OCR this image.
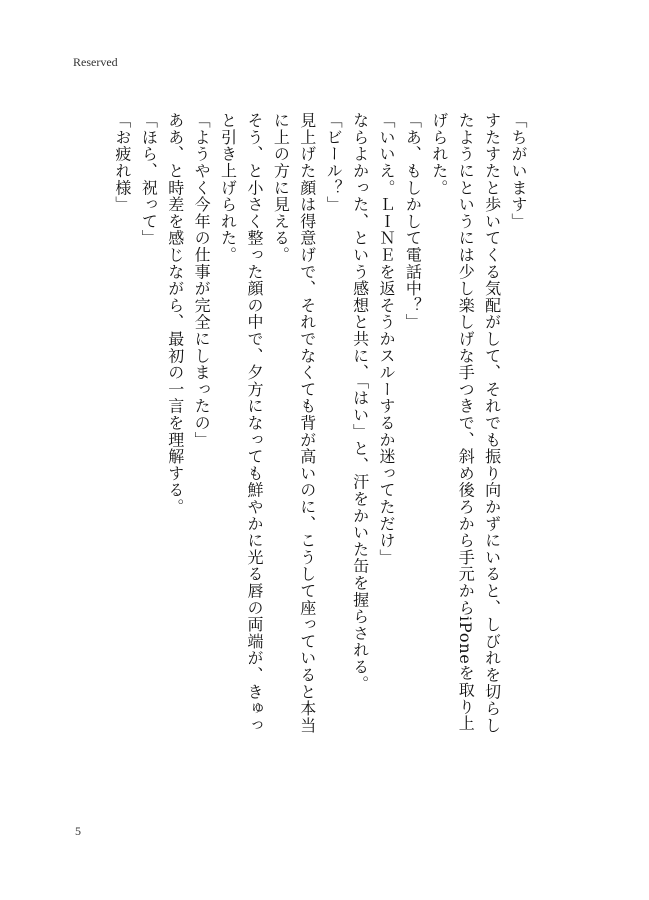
Reserved
「ちがいます」
すたすたと歩いてくる気配がして、それでも振り向かずにいると、しびれを切らし
たようにというには少し楽しげな手つきで、斜め後ろから手元からiPoneを取り上
げられた。
「あ、もしかして電話中？」
「いいえ。ＬＩＮＥを返そうかスルーするか迷ってただけ」
ならよかった、という感想と共に、「はい」と、汗をかいた缶を握らされる。
「ビール？」
見上げた顔は得意げで、それでなくても背が高いのに、こうして座っていると本当
に上の方に見える。
そう、と小さく整った顔の中で、夕方になっても鮮やかに光る唇の両端が、きゅっ
と引き上げられた。
「ようやく今年の仕事が完全にしまったの」
ああ、と時差を感じながら、最初の一言を理解する。
「ほら、祝って」
「お疲れ様」
5
